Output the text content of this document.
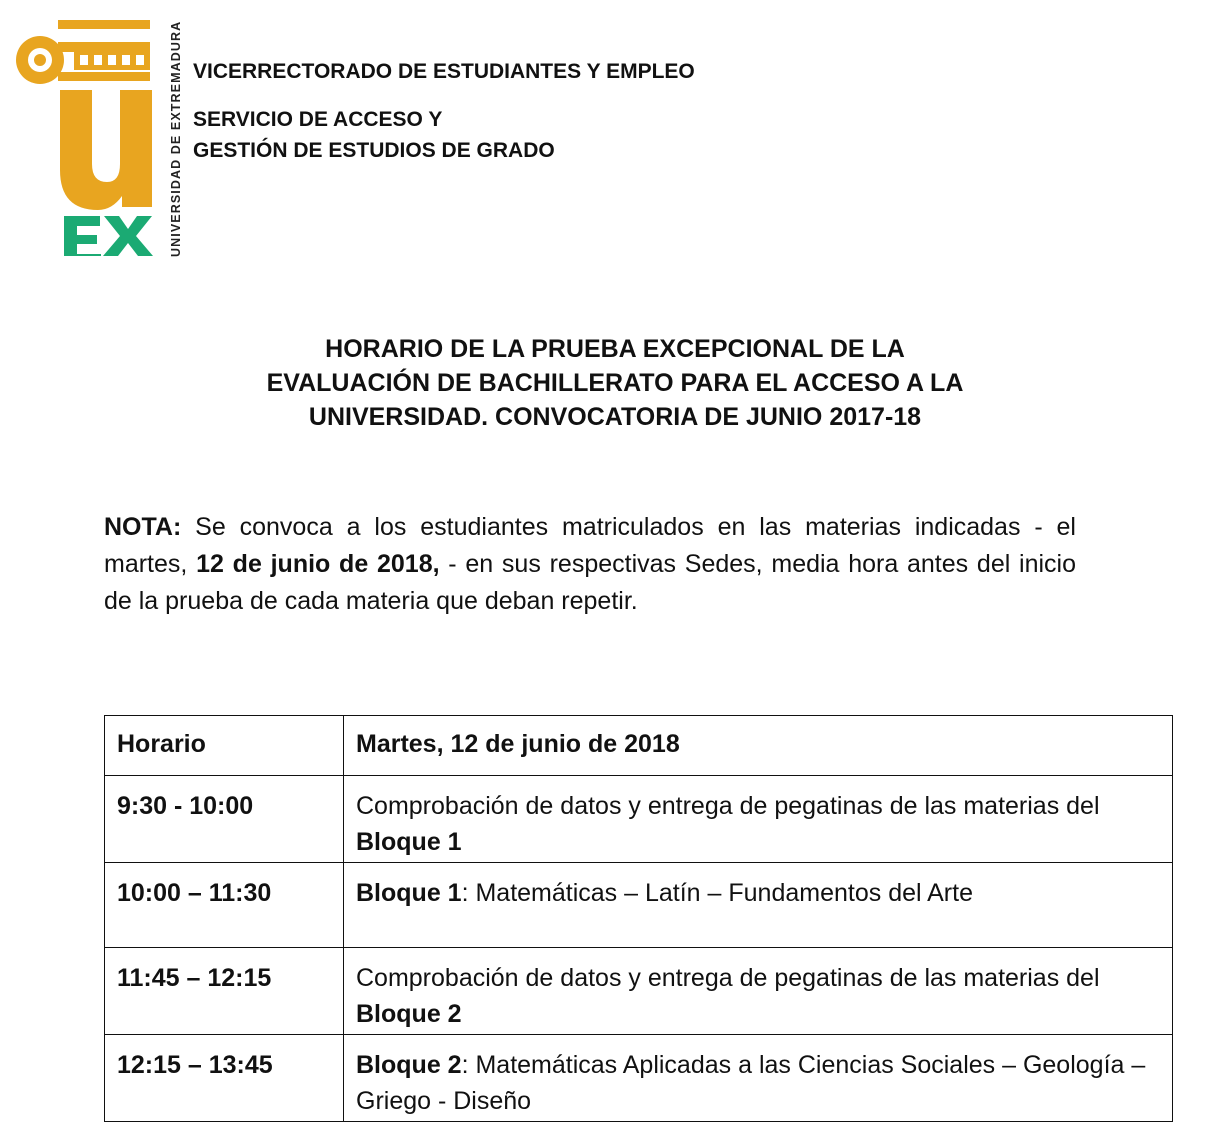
UNIVERSIDAD DE EXTREMADURA VICERRECTORADO DE ESTUDIANTES Y EMPLEO
SERVICIO DE ACCESO Y
GESTIÓN DE ESTUDIOS DE GRADO
HORARIO DE LA PRUEBA EXCEPCIONAL DE LA
EVALUACIÓN DE BACHILLERATO PARA EL ACCESO A LA
UNIVERSIDAD. CONVOCATORIA DE JUNIO 2017-18
NOTA: Se convoca a los estudiantes matriculados en las materias indicadas - el martes, 12 de junio de 2018, - en sus respectivas Sedes, media hora antes del inicio de la prueba de cada materia que deban repetir.
Horario	Martes, 12 de junio de 2018
9:30 - 10:00	Comprobación de datos y entrega de pegatinas de las materias del Bloque 1
10:00 – 11:30	Bloque 1: Matemáticas – Latín – Fundamentos del Arte
11:45 – 12:15	Comprobación de datos y entrega de pegatinas de las materias del Bloque 2
12:15 – 13:45	Bloque 2: Matemáticas Aplicadas a las Ciencias Sociales – Geología – Griego - Diseño
